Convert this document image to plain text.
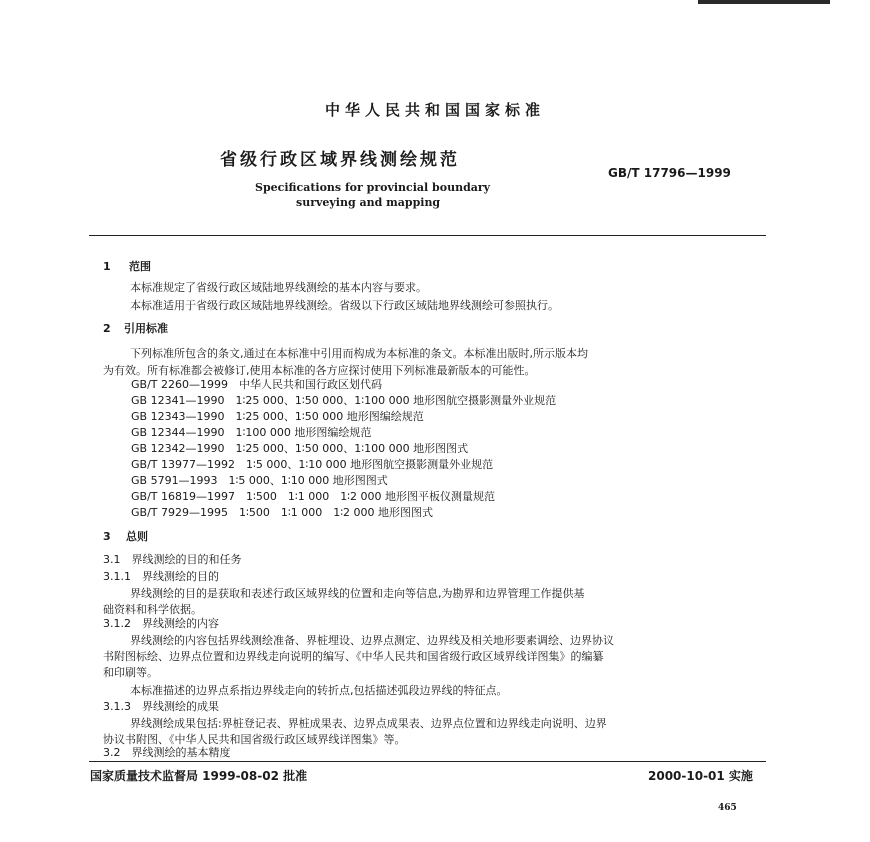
中华人民共和国国家标准
省级行政区域界线测绘规范
GB/T 17796—1999
Specifications for provincial boundary
surveying and mapping
1 范围
本标准规定了省级行政区域陆地界线测绘的基本内容与要求。
本标准适用于省级行政区域陆地界线测绘。省级以下行政区域陆地界线测绘可参照执行。
2 引用标准
下列标准所包含的条文,通过在本标准中引用而构成为本标准的条文。本标准出版时,所示版本均
为有效。所有标准都会被修订,使用本标准的各方应探讨使用下列标准最新版本的可能性。
GB/T 2260—1999　中华人民共和国行政区划代码
GB 12341—1990　1∶25 000、1∶50 000、1∶100 000 地形图航空摄影测量外业规范
GB 12343—1990　1∶25 000、1∶50 000 地形图编绘规范
GB 12344—1990　1∶100 000 地形图编绘规范
GB 12342—1990　1∶25 000、1∶50 000、1∶100 000 地形图图式
GB/T 13977—1992　1∶5 000、1∶10 000 地形图航空摄影测量外业规范
GB 5791—1993　1∶5 000、1∶10 000 地形图图式
GB/T 16819—1997　1∶500　1∶1 000　1∶2 000 地形图平板仪测量规范
GB/T 7929—1995　1∶500　1∶1 000　1∶2 000 地形图图式
3 总则
3.1　界线测绘的目的和任务
3.1.1　界线测绘的目的
界线测绘的目的是获取和表述行政区域界线的位置和走向等信息,为勘界和边界管理工作提供基
础资料和科学依据。
3.1.2　界线测绘的内容
界线测绘的内容包括界线测绘准备、界桩埋设、边界点测定、边界线及相关地形要素调绘、边界协议
书附图标绘、边界点位置和边界线走向说明的编写、《中华人民共和国省级行政区域界线详图集》的编纂
和印刷等。
本标准描述的边界点系指边界线走向的转折点,包括描述弧段边界线的特征点。
3.1.3　界线测绘的成果
界线测绘成果包括:界桩登记表、界桩成果表、边界点成果表、边界点位置和边界线走向说明、边界
协议书附图、《中华人民共和国省级行政区域界线详图集》等。
3.2　界线测绘的基本精度
国家质量技术监督局 1999-08-02 批准	2000-10-01 实施
465
